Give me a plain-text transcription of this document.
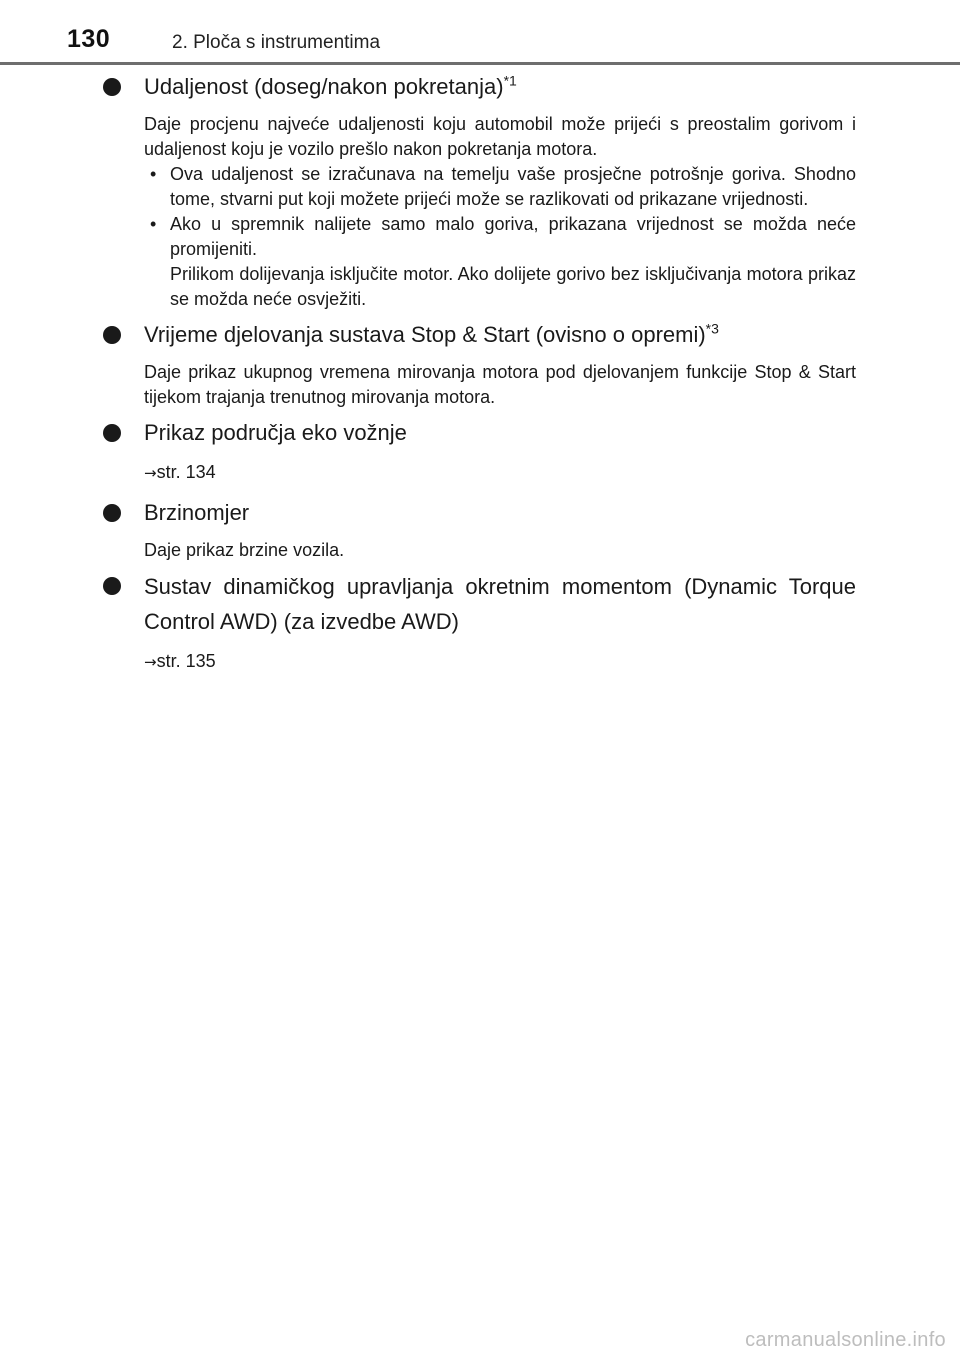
130	2. Ploča s instrumentima
Udaljenost (doseg/nakon pokretanja)$^{*1}$

Daje procjenu najveće udaljenosti koju automobil može prijeći s preostalim gorivom i udaljenost koju je vozilo prešlo nakon pokretanja motora.

• Ova udaljenost se izračunava na temelju vaše prosječne potrošnje goriva. Shodno tome, stvarni put koji možete prijeći može se razlikovati od prikazane vrijednosti.
• Ako u spremnik nalijete samo malo goriva, prikazana vrijednost se možda neće promijeniti.
Prilikom dolijevanja isključite motor. Ako dolijete gorivo bez isključivanja motora prikaz se možda neće osvježiti.
Vrijeme djelovanja sustava Stop & Start (ovisno o opremi)$^{*3}$

Daje prikaz ukupnog vremena mirovanja motora pod djelovanjem funkcije Stop & Start tijekom trajanja trenutnog mirovanja motora.

Prikaz područja eko vožnje
→str. 134
Brzinomjer

Daje prikaz brzine vozila.

Sustav dinamičkog upravljanja okretnim momentom (Dynamic Torque Control AWD) (za izvedbe AWD)
→str. 135
carmanualsonline.info
